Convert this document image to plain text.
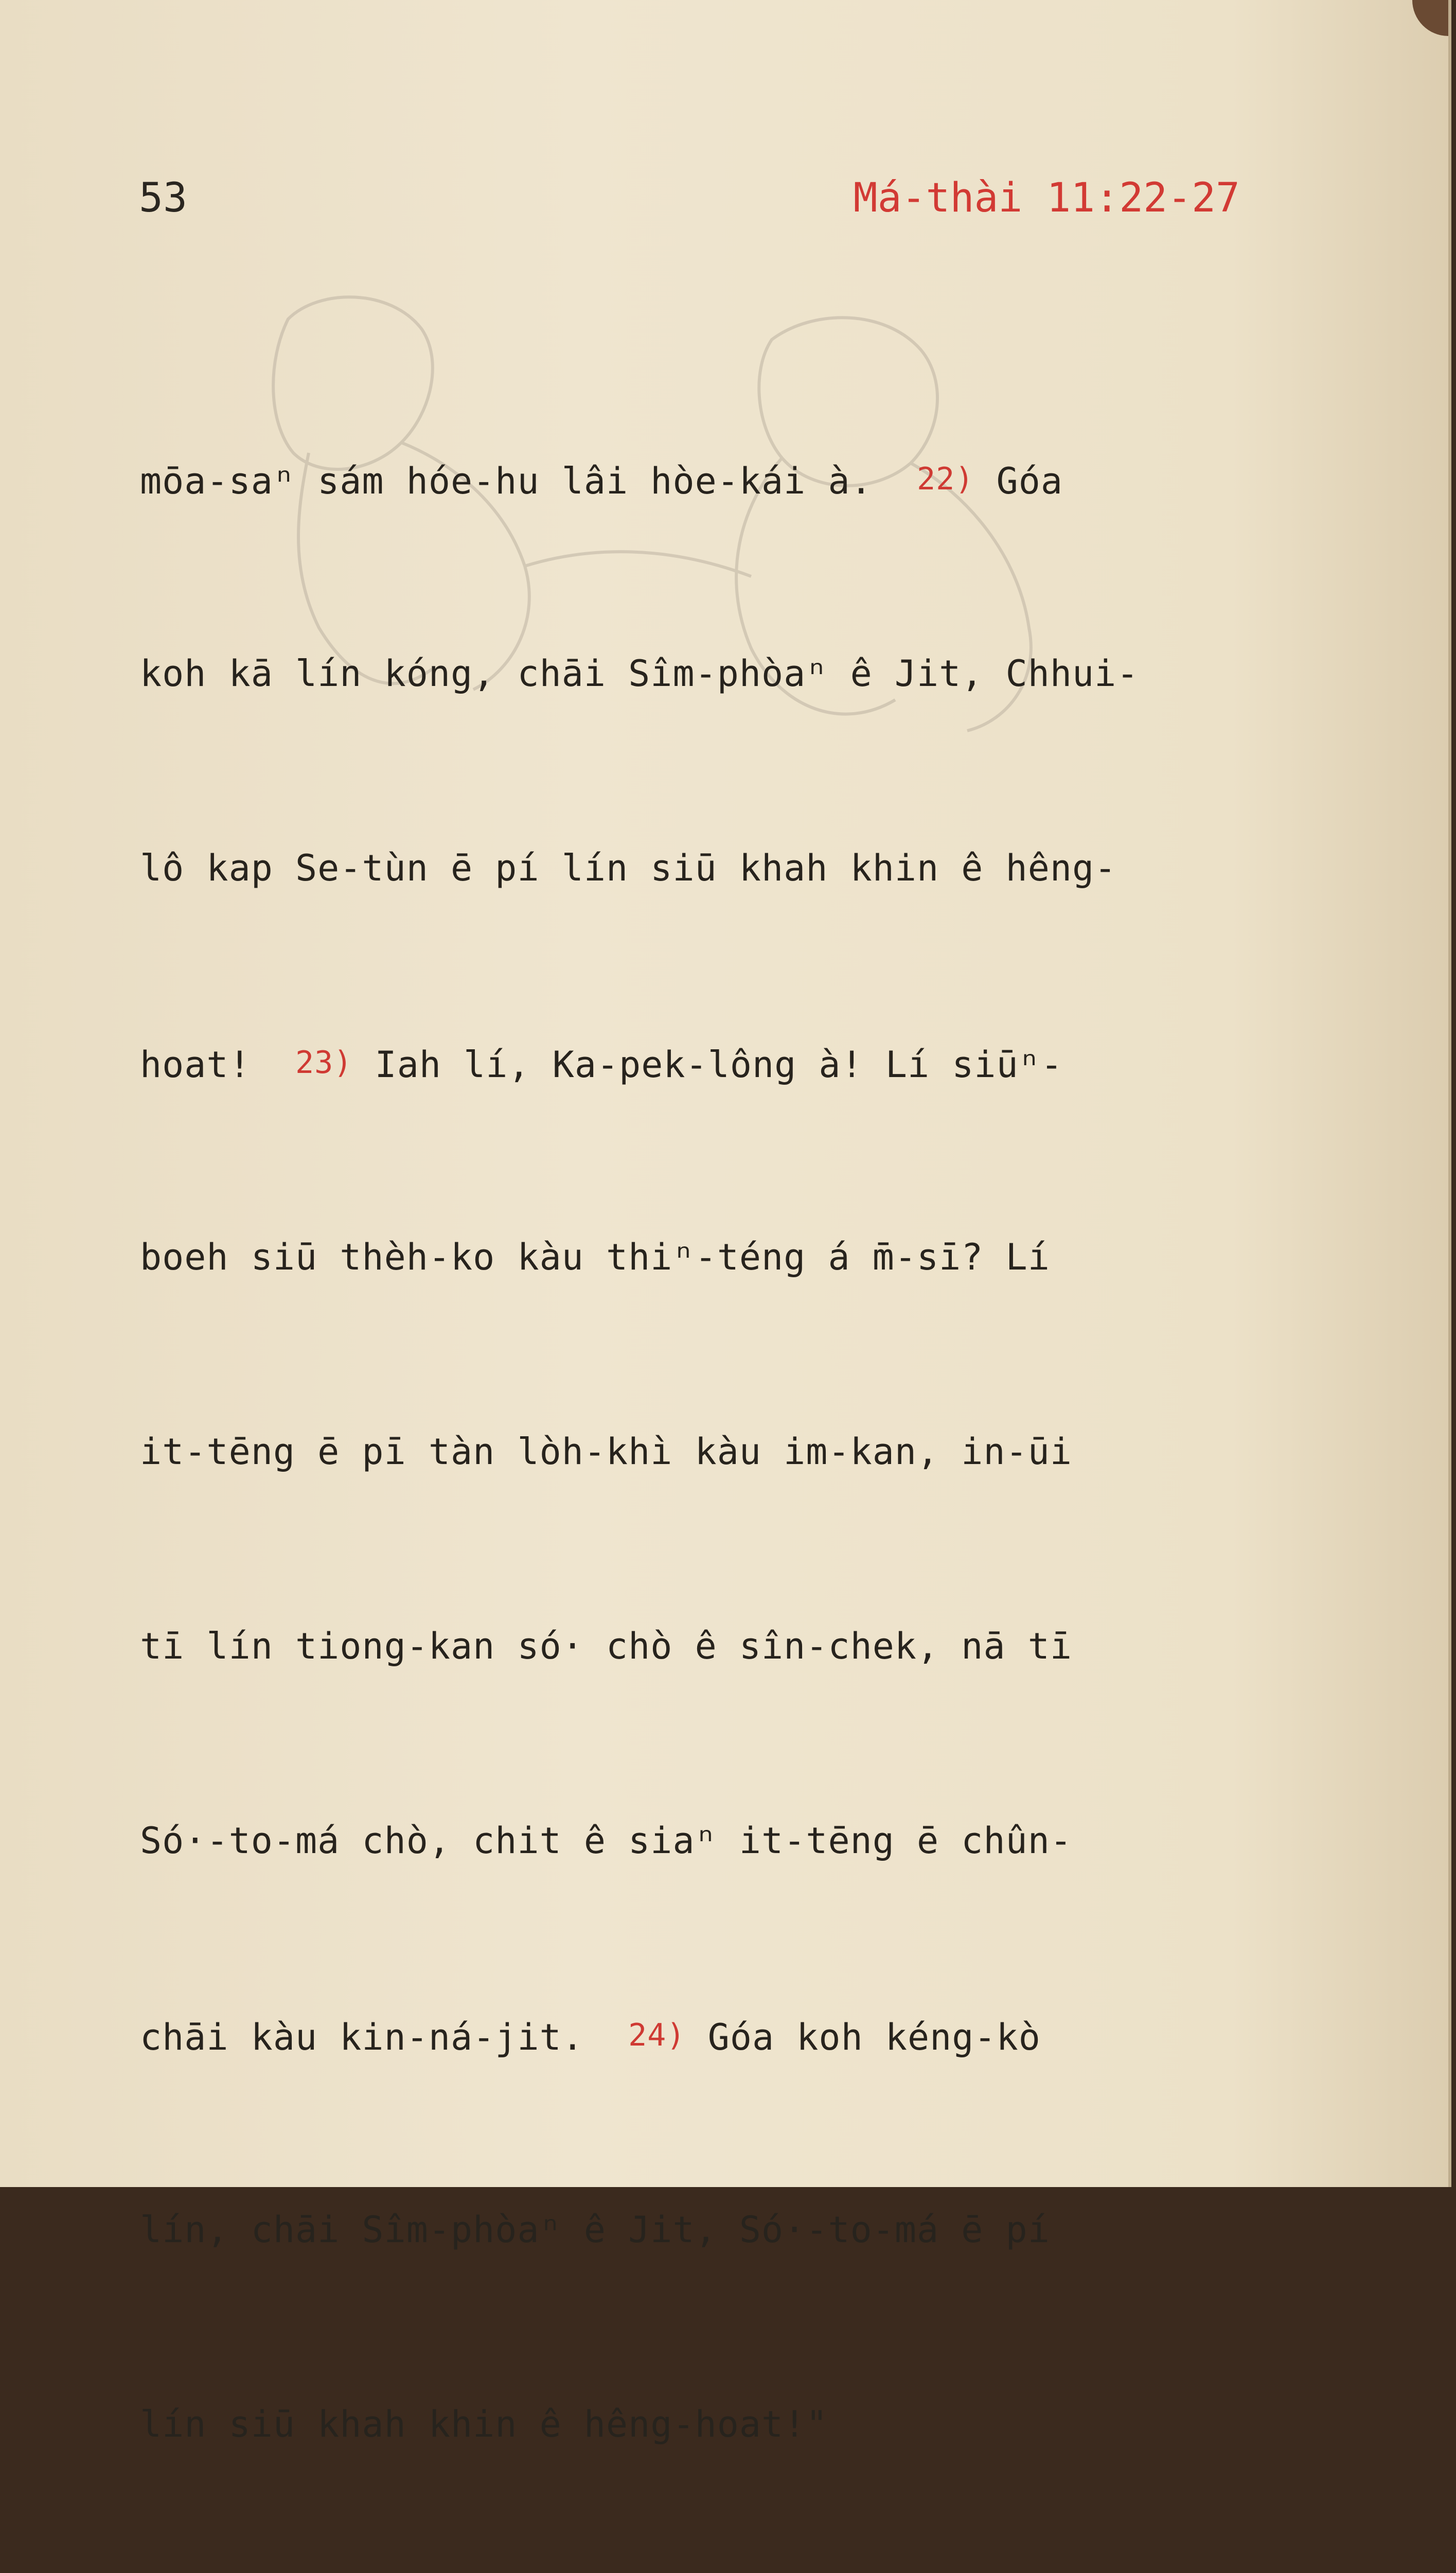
53	Má-thài 11:22-27

mōa-saⁿ sám hóe-hu lâi hòe-kái à. 22) Góa

koh kā lín kóng, chāi Sîm-phòaⁿ ê Jit, Chhui-

lô kap Se-tùn ē pí lín siū khah khin ê hêng-

hoat! 23) Iah lí, Ka-pek-lông à! Lí siūⁿ-

boeh siū thèh-ko kàu thiⁿ-téng á m̄-sī? Lí

it-tēng ē pī tàn lòh-khì kàu im-kan, in-ūi

tī lín tiong-kan só· chò ê sîn-chek, nā tī

Só·-to-má chò, chit ê siaⁿ it-tēng ē chûn-

chāi kàu kin-ná-jit. 24) Góa koh kéng-kò

lín, chāi Sîm-phòaⁿ ê Jit, Só·-to-má ē pí

lín siū khah khin ê hêng-hoat!"
